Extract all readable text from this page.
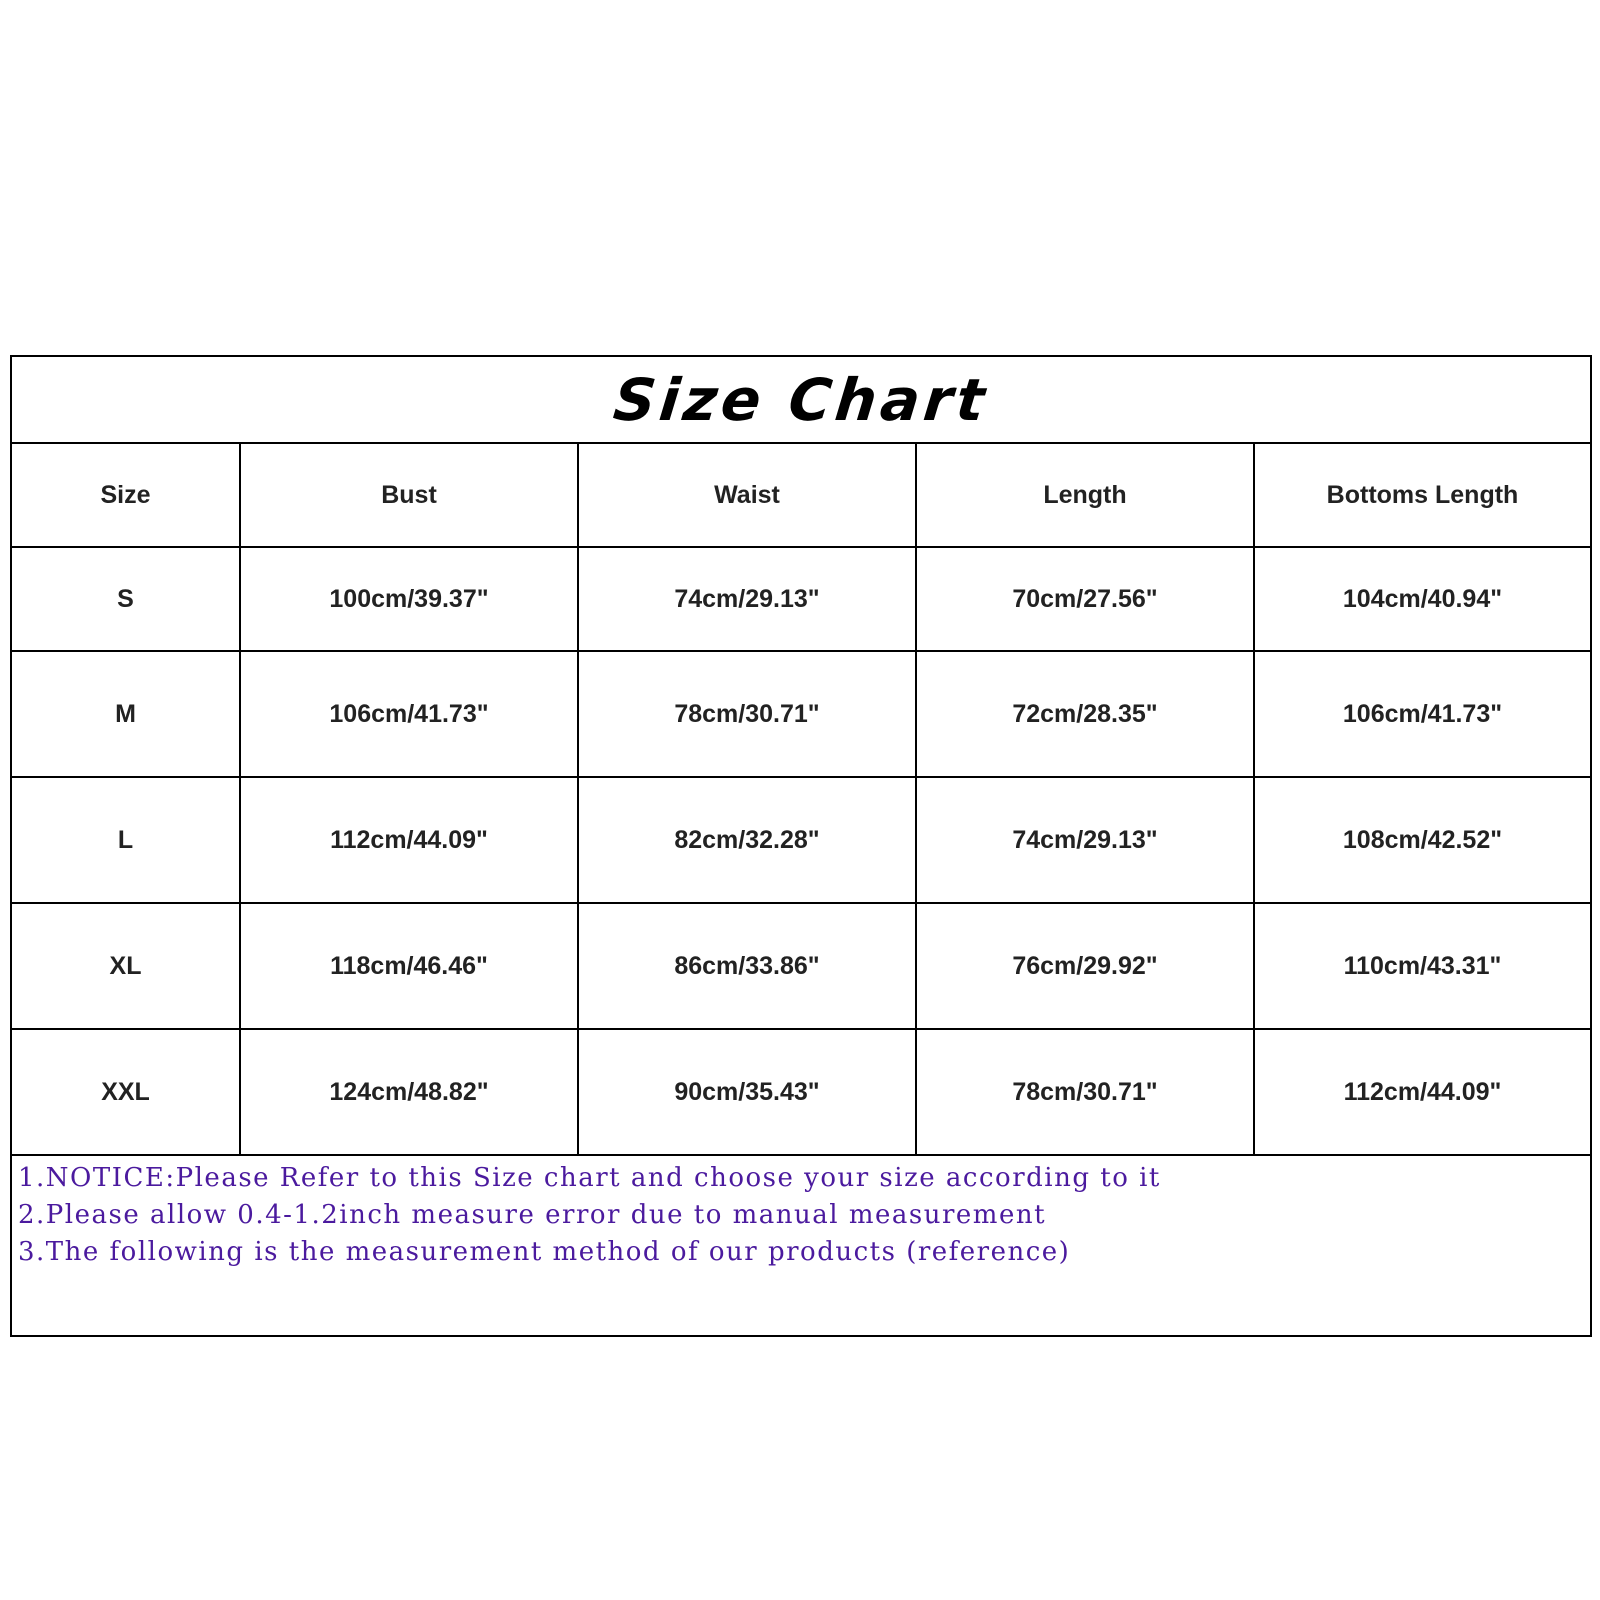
Size Chart
Size	Bust	Waist	Length	Bottoms Length
S	100cm/39.37"	74cm/29.13"	70cm/27.56"	104cm/40.94"
M	106cm/41.73"	78cm/30.71"	72cm/28.35"	106cm/41.73"
L	112cm/44.09"	82cm/32.28"	74cm/29.13"	108cm/42.52"
XL	118cm/46.46"	86cm/33.86"	76cm/29.92"	110cm/43.31"
XXL	124cm/48.82"	90cm/35.43"	78cm/30.71"	112cm/44.09"
1.NOTICE:Please Refer to this Size chart and choose your size according to it
2.Please allow 0.4-1.2inch measure error due to manual measurement
3.The following is the measurement method of our products (reference)
